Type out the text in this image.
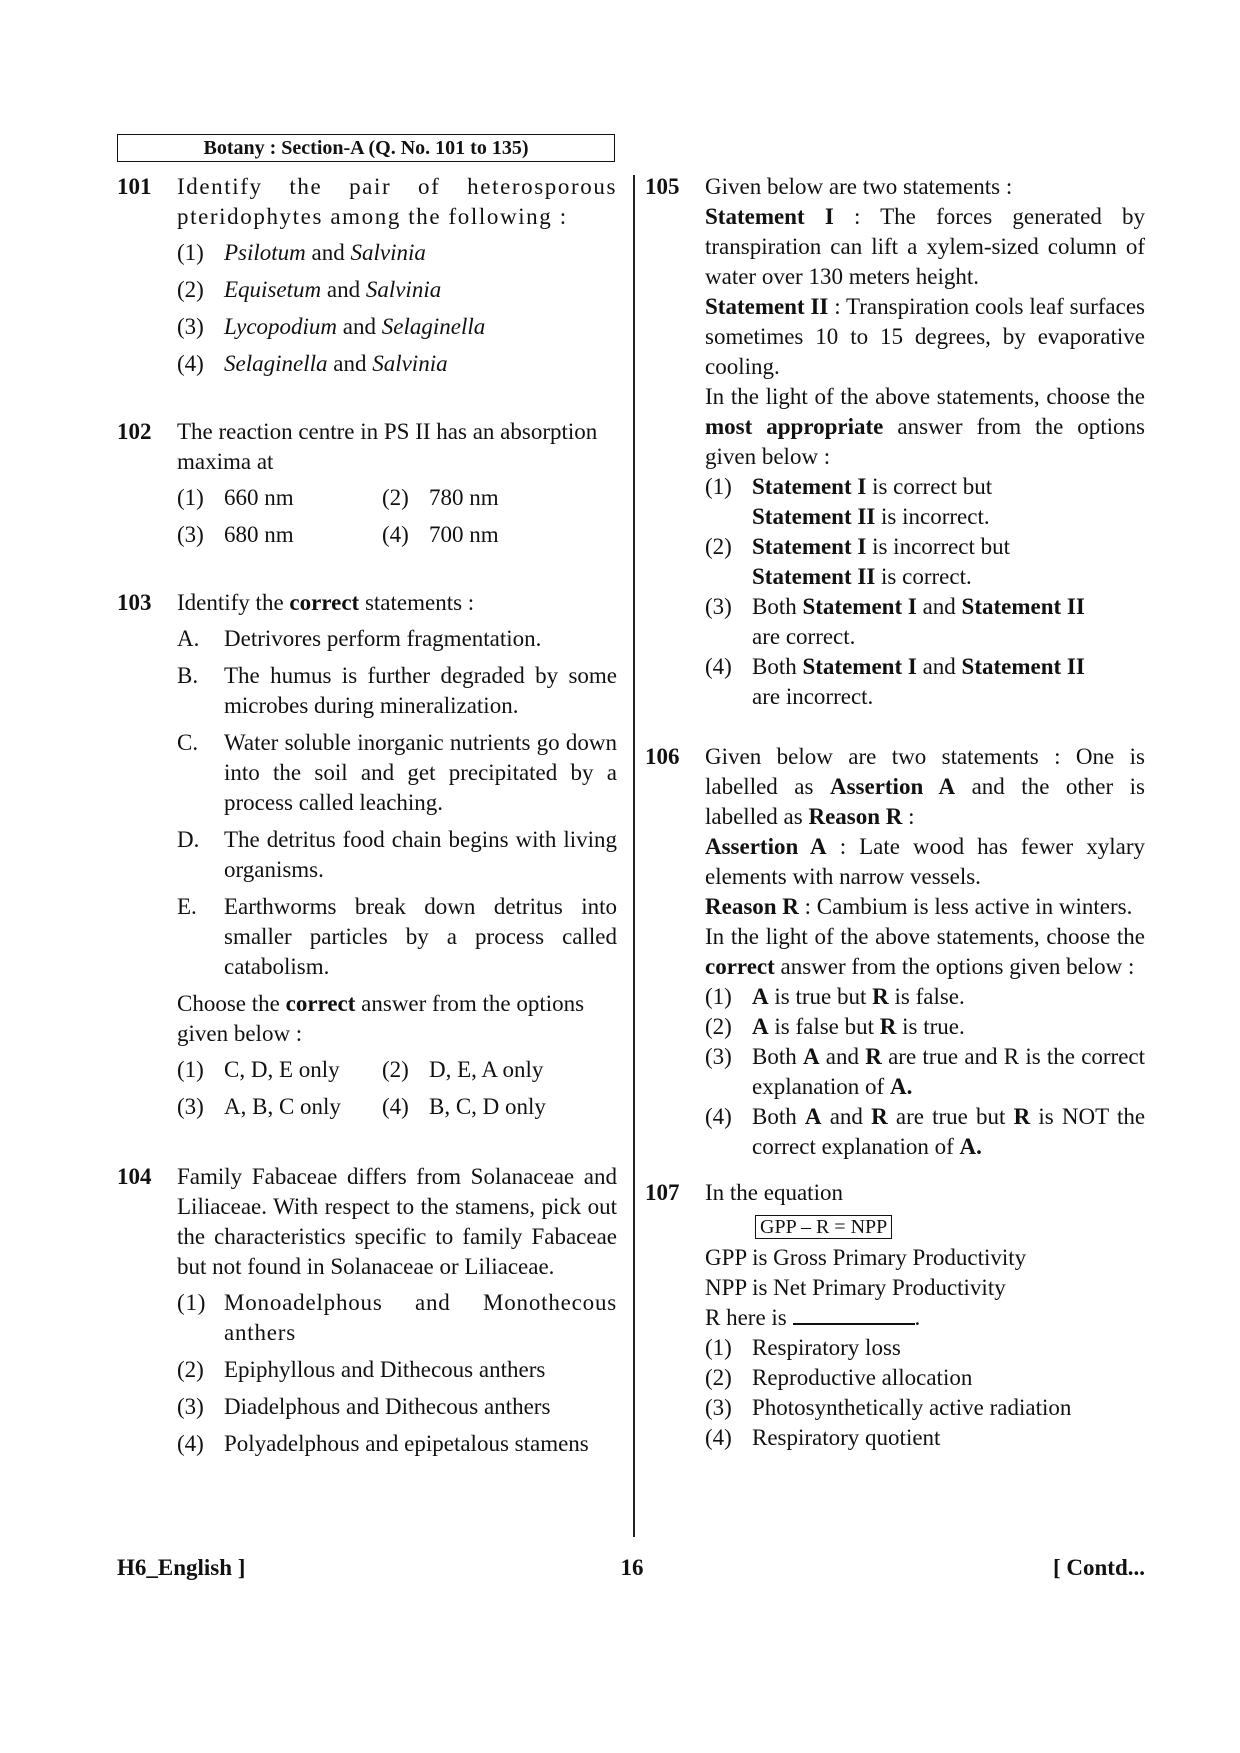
Botany : Section-A (Q. No. 101 to 135)
101 Identify the pair of heterosporous pteridophytes among the following :
(1) Psilotum and Salvinia
(2) Equisetum and Salvinia
(3) Lycopodium and Selaginella
(4) Selaginella and Salvinia
102 The reaction centre in PS II has an absorption maxima at
(1) 660 nm	(2) 780 nm
(3) 680 nm	(4) 700 nm
103 Identify the correct statements :
A. Detrivores perform fragmentation.
B. The humus is further degraded by some microbes during mineralization.
C. Water soluble inorganic nutrients go down into the soil and get precipitated by a process called leaching.
D. The detritus food chain begins with living organisms.
E. Earthworms break down detritus into smaller particles by a process called catabolism.
Choose the correct answer from the options given below :
(1) C, D, E only	(2) D, E, A only
(3) A, B, C only	(4) B, C, D only
104 Family Fabaceae differs from Solanaceae and Liliaceae. With respect to the stamens, pick out the characteristics specific to family Fabaceae but not found in Solanaceae or Liliaceae.
(1) Monoadelphous and Monothecous anthers
(2) Epiphyllous and Dithecous anthers
(3) Diadelphous and Dithecous anthers
(4) Polyadelphous and epipetalous stamens
105 Given below are two statements :
Statement I : The forces generated by transpiration can lift a xylem-sized column of water over 130 meters height.
Statement II : Transpiration cools leaf surfaces sometimes 10 to 15 degrees, by evaporative cooling.
In the light of the above statements, choose the most appropriate answer from the options given below :
(1) Statement I is correct but
Statement II is incorrect.
(2) Statement I is incorrect but
Statement II is correct.
(3) Both Statement I and Statement II
are correct.
(4) Both Statement I and Statement II
are incorrect.
106 Given below are two statements : One is labelled as Assertion A and the other is labelled as Reason R :
Assertion A : Late wood has fewer xylary elements with narrow vessels.
Reason R : Cambium is less active in winters.
In the light of the above statements, choose the correct answer from the options given below :
(1) A is true but R is false.
(2) A is false but R is true.
(3) Both A and R are true and R is the correct explanation of A.
(4) Both A and R are true but R is NOT the correct explanation of A.
107 In the equation
GPP – R = NPP
GPP is Gross Primary Productivity
NPP is Net Primary Productivity
R here is	.
(1) Respiratory loss
(2) Reproductive allocation
(3) Photosynthetically active radiation
(4) Respiratory quotient
H6_English ]	16	[ Contd...
